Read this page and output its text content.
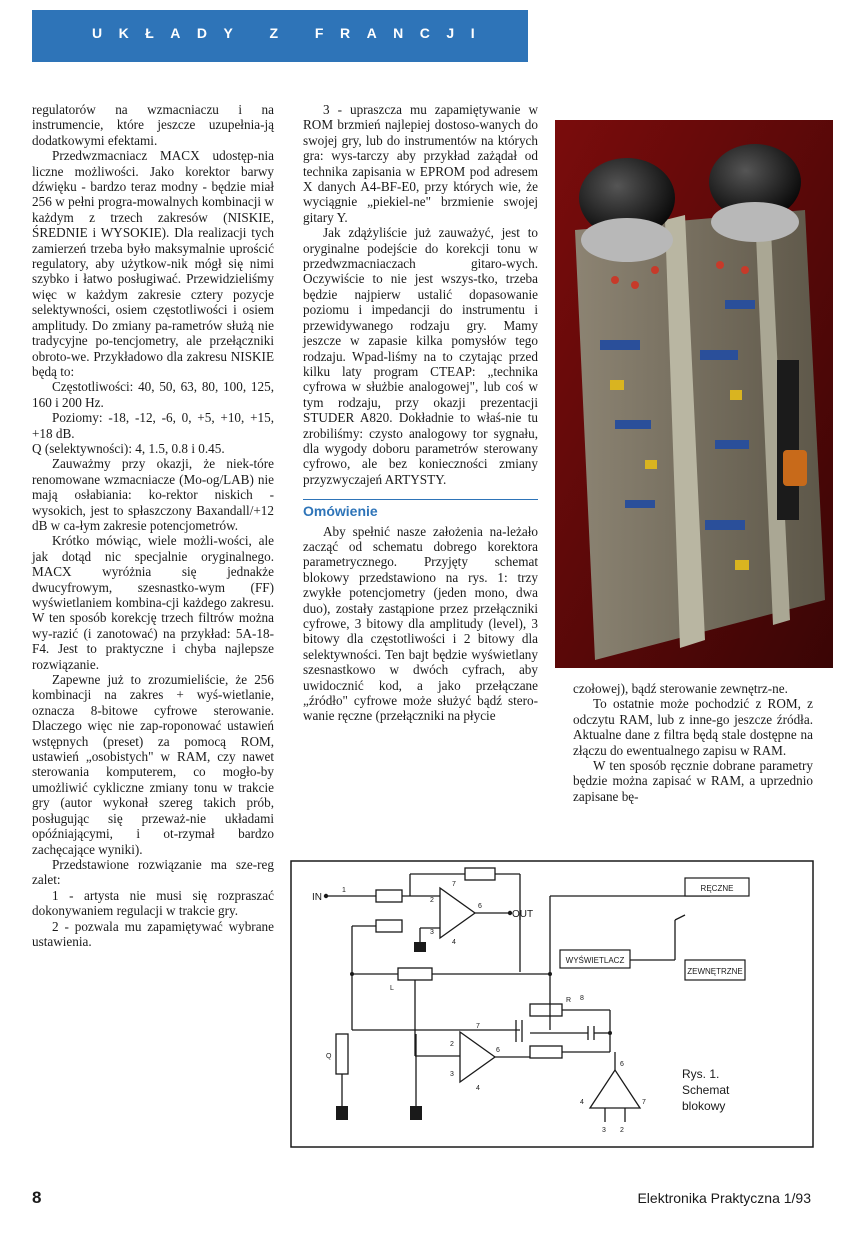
UKŁADY Z FRANCJI

regulatorów na wzmacniaczu i na instrumencie, które jeszcze uzupełnia-ją dodatkowymi efektami.

Przedwzmacniacz MACX udostęp-nia liczne możliwości. Jako korektor barwy dźwięku - bardzo teraz modny - będzie miał 256 w pełni progra-mowalnych kombinacji w każdym z trzech zakresów (NISKIE, ŚREDNIE i WYSOKIE). Dla realizacji tych zamierzeń trzeba było maksymalnie uprościć regulatory, aby użytkow-nik mógł się nimi szybko i łatwo posługiwać. Przewidzieliśmy więc w każdym zakresie cztery pozycje selektywności, osiem częstotliwości i osiem amplitudy. Do zmiany pa-rametrów służą nie tradycyjne po-tencjometry, ale przełączniki obroto-we. Przykładowo dla zakresu NISKIE będą to:

Częstotliwości: 40, 50, 63, 80, 100, 125, 160 i 200 Hz.

Poziomy: -18, -12, -6, 0, +5, +10, +15, +18 dB.

Q (selektywności): 4, 1.5, 0.8 i 0.45.

Zauważmy przy okazji, że niek-tóre renomowane wzmacniacze (Mo-og/LAB) nie mają osłabiania: ko-rektor niskich - wysokich, jest to spłaszczony Baxandall/+12 dB w ca-łym zakresie potencjometrów.

Krótko mówiąc, wiele możli-wości, ale jak dotąd nic specjalnie oryginalnego. MACX wyróżnia się jednakże dwucyfrowym, szesnastko-wym (FF) wyświetlaniem kombina-cji każdego zakresu. W ten sposób korekcję trzech filtrów można wy-razić (i zanotować) na przykład: 5A-18-F4. Jest to praktyczne i chyba najlepsze rozwiązanie.

Zapewne już to zrozumieliście, że 256 kombinacji na zakres + wyś-wietlanie, oznacza 8-bitowe cyfrowe sterowanie. Dlaczego więc nie zap-roponować ustawień wstępnych (preset) za pomocą ROM, ustawień „osobistych" w RAM, czy nawet sterowania komputerem, co mogło-by umożliwić cykliczne zmiany tonu w trakcie gry (autor wykonał szereg takich prób, posługując się przeważ-nie układami opóźniającymi, i ot-rzymał bardzo zachęcające wyniki).

Przedstawione rozwiązanie ma sze-reg zalet:

1 - artysta nie musi się rozpraszać dokonywaniem regulacji w trakcie gry.

2 - pozwala mu zapamiętywać wybrane ustawienia.

3 - upraszcza mu zapamiętywanie w ROM brzmień najlepiej dostoso-wanych do swojej gry, lub do instrumentów na których gra: wys-tarczy aby przykład zażądał od technika zapisania w EPROM pod adresem X danych A4-BF-E0, przy których wie, że wyciągnie „piekiel-ne" brzmienie swojej gitary Y.

Jak zdążyliście już zauważyć, jest to oryginalne podejście do korekcji tonu w przedwzmacniaczach gitaro-wych. Oczywiście to nie jest wszys-tko, trzeba będzie najpierw ustalić dopasowanie poziomu i impedancji do instrumentu i przewidywanego rodzaju gry. Mamy jeszcze w zapasie kilka pomysłów tego rodzaju. Wpad-liśmy na to czytając przed kilku laty program CTEAP: „technika cyfrowa w służbie analogowej", lub coś w tym rodzaju, przy okazji prezentacji STUDER A820. Dokładnie to właś-nie tu zrobiliśmy: czysto analogowy tor sygnału, dla wygody doboru parametrów sterowany cyfrowo, ale bez konieczności zmiany przyzwyczajeń ARTYSTY.

Omówienie

Aby spełnić nasze założenia na-leżało zacząć od schematu dobrego korektora parametrycznego. Przyjęty schemat blokowy przedstawiono na rys. 1: trzy zwykłe potencjometry (jeden mono, dwa duo), zostały zastąpione przez przełączniki cyfrowe, 3 bitowy dla amplitudy (level), 3 bitowy dla częstotliwości i 2 bitowy dla selektywności. Ten bajt będzie wyświetlany szesnastkowo w dwóch cyfrach, aby uwidocznić kod, a jako przełączane „źródło" cyfrowe może służyć bądź stero-wanie ręczne (przełączniki na płycie

czołowej), bądź sterowanie zewnętrz-ne.

To ostatnie może pochodzić z ROM, z odczytu RAM, lub z inne-go jeszcze źródła. Aktualne dane z filtra będą stale dostępne na złączu do ewentualnego zapisu w RAM.

W ten sposób ręcznie dobrane parametry będzie można zapisać w RAM, a uprzednio zapisane bę-

RĘCZNE
WYŚWIETLACZ
ZEWNĘTRZNE
IN
OUT
1
2
3
4
6
7
8
2
3
4
6
7
2
3
4
6
7
L
R
Q
Rys. 1.
Schemat
blokowy
8	Elektronika Praktyczna 1/93
